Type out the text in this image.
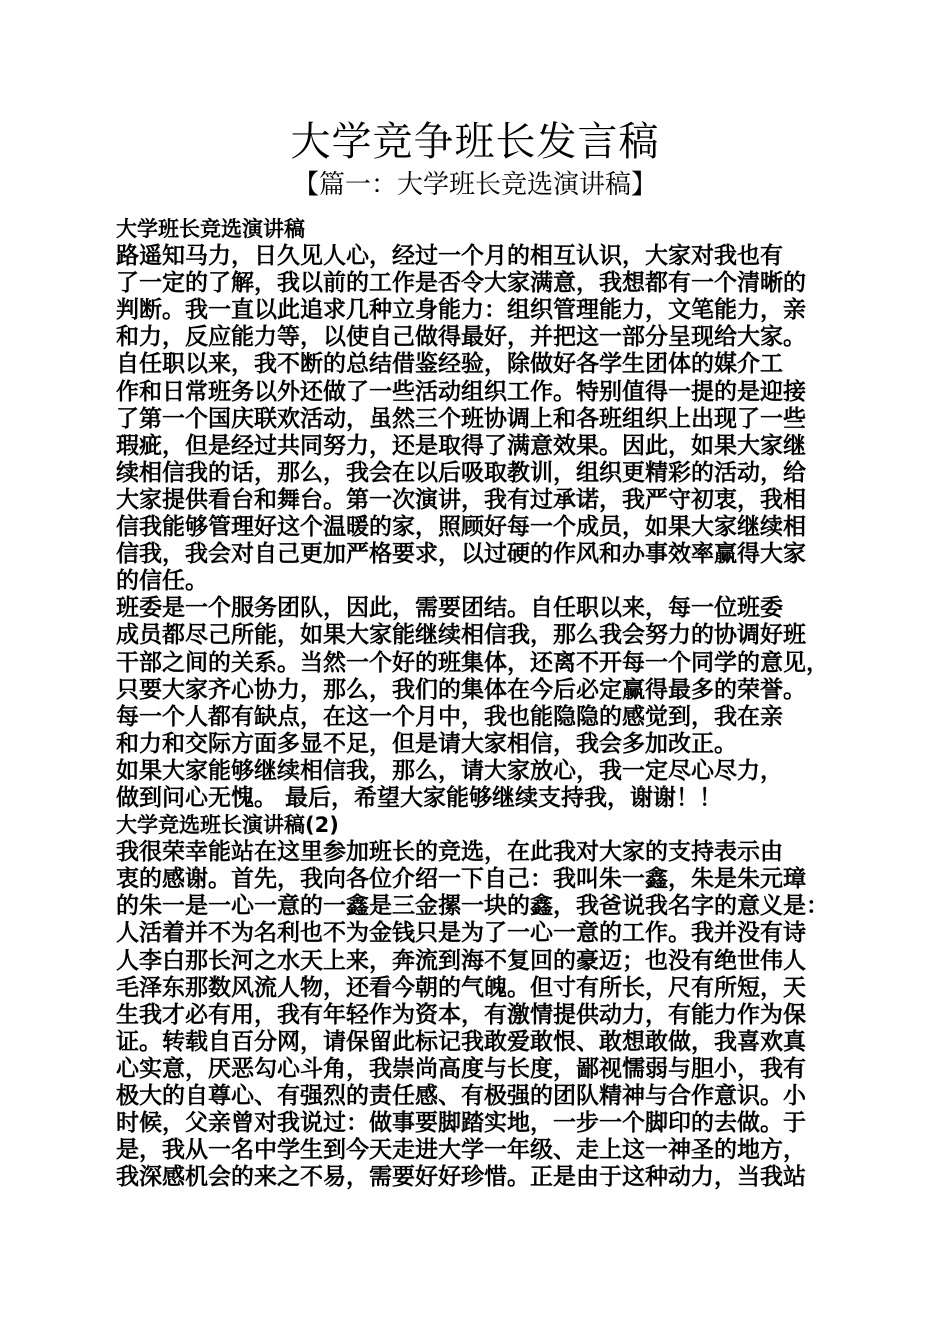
大学竞争班长发言稿
【篇一：大学班长竞选演讲稿】
大学班长竞选演讲稿
路遥知马力，日久见人心，经过一个月的相互认识，大家对我也有
了一定的了解，我以前的工作是否令大家满意，我想都有一个清晰的
判断。我一直以此追求几种立身能力：组织管理能力，文笔能力，亲
和力，反应能力等，以使自己做得最好，并把这一部分呈现给大家。
自任职以来，我不断的总结借鉴经验，除做好各学生团体的媒介工
作和日常班务以外还做了一些活动组织工作。特别值得一提的是迎接
了第一个国庆联欢活动，虽然三个班协调上和各班组织上出现了一些
瑕疵，但是经过共同努力，还是取得了满意效果。因此，如果大家继
续相信我的话，那么，我会在以后吸取教训，组织更精彩的活动，给
大家提供看台和舞台。第一次演讲，我有过承诺，我严守初衷，我相
信我能够管理好这个温暖的家，照顾好每一个成员，如果大家继续相
信我，我会对自己更加严格要求，以过硬的作风和办事效率赢得大家
的信任。
班委是一个服务团队，因此，需要团结。自任职以来，每一位班委
成员都尽己所能，如果大家能继续相信我，那么我会努力的协调好班
干部之间的关系。当然一个好的班集体，还离不开每一个同学的意见，
只要大家齐心协力，那么，我们的集体在今后必定赢得最多的荣誉。
每一个人都有缺点，在这一个月中，我也能隐隐的感觉到，我在亲
和力和交际方面多显不足，但是请大家相信，我会多加改正。
如果大家能够继续相信我，那么，请大家放心，我一定尽心尽力，
做到问心无愧。 最后，希望大家能够继续支持我，谢谢！！
大学竞选班长演讲稿(2)
我很荣幸能站在这里参加班长的竞选，在此我对大家的支持表示由
衷的感谢。首先，我向各位介绍一下自己：我叫朱一鑫，朱是朱元璋
的朱一是一心一意的一鑫是三金摞一块的鑫，我爸说我名字的意义是：
人活着并不为名利也不为金钱只是为了一心一意的工作。我并没有诗
人李白那长河之水天上来，奔流到海不复回的豪迈；也没有绝世伟人
毛泽东那数风流人物，还看今朝的气魄。但寸有所长，尺有所短，天
生我才必有用，我有年轻作为资本，有激情提供动力，有能力作为保
证。转载自百分网，请保留此标记我敢爱敢恨、敢想敢做，我喜欢真
心实意，厌恶勾心斗角，我崇尚高度与长度，鄙视懦弱与胆小，我有
极大的自尊心、有强烈的责任感、有极强的团队精神与合作意识。小
时候，父亲曾对我说过：做事要脚踏实地，一步一个脚印的去做。于
是，我从一名中学生到今天走进大学一年级、走上这一神圣的地方，
我深感机会的来之不易，需要好好珍惜。正是由于这种动力，当我站
